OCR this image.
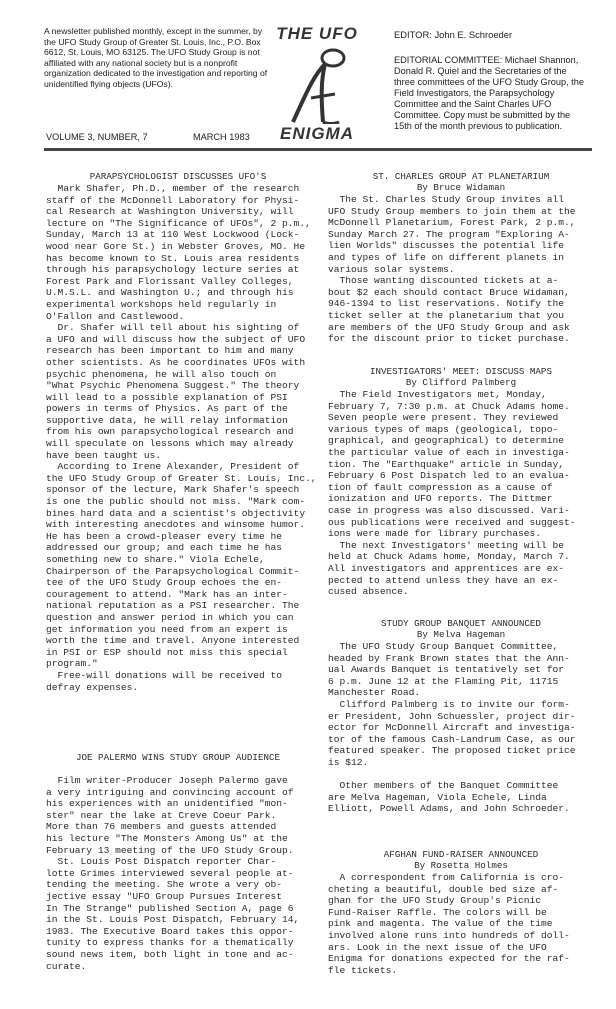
A newsletter published monthly, except in the summer, by the UFO Study Group of Greater St. Louis, Inc., P.O. Box 6612, St. Louis, MO 63125. The UFO Study Group is not affiliated with any national society but is a nonprofit organization dedicated to the investigation and reporting of unidentified flying objects (UFOs).
THE UFO
ENIGMA
EDITOR: John E. Schroeder
EDITORIAL COMMITTEE: Michael Shannon, Donald R. Quiel and the Secretaries of the three committees of the UFO Study Group, the Field Investigators, the Parapsychology Committee and the Saint Charles UFO Committee. Copy must be submitted by the 15th of the month previous to publication.
VOLUME 3, NUMBER, 7	MARCH 1983
PARAPSYCHOLOGIST DISCUSSES UFO'S

Mark Shafer, Ph.D., member of the research

staff of the McDonnell Laboratory for Physi-

cal Research at Washington University, will

lecture on "The Significance of UFOs", 2 p.m.,

Sunday, March 13 at 110 West Lockwood (Lock-

wood near Gore St.) in Webster Groves, MO. He

has become known to St. Louis area residents

through his parapsychology lecture series at

Forest Park and Florissant Valley Colleges,

U.M.S.L. and Washington U.; and through his

experimental workshops held regularly in

O'Fallon and Castlewood.

Dr. Shafer will tell about his sighting of

a UFO and will discuss how the subject of UFO

research has been important to him and many

other scientists. As he coordinates UFOs with

psychic phenomena, he will also touch on

"What Psychic Phenomena Suggest." The theory

will lead to a possible explanation of PSI

powers in terms of Physics. As part of the

supportive data, he will relay information

from his own parapsychological research and

will speculate on lessons which may already

have been taught us.

According to Irene Alexander, President of

the UFO Study Group of Greater St. Louis, Inc.,

sponsor of the lecture, Mark Shafer's speech

is one the public should not miss. "Mark com-

bines hard data and a scientist's objectivity

with interesting anecdotes and winsome humor.

He has been a crowd-pleaser every time he

addressed our group; and each time he has

something new to share." Viola Echele,

Chairperson of the Parapsychological Commit-

tee of the UFO Study Group echoes the en-

couragement to attend. "Mark has an inter-

national reputation as a PSI researcher. The

question and answer period in which you can

get information you need from an expert is

worth the time and travel. Anyone interested

in PSI or ESP should not miss this special

program."

Free-will donations will be received to

defray expenses.

JOE PALERMO WINS STUDY GROUP AUDIENCE

Film writer-Producer Joseph Palermo gave

a very intriguing and convincing account of

his experiences with an unidentified "mon-

ster" near the lake at Creve Coeur Park.

More than 76 members and guests attended

his lecture "The Monsters Among Us" at the

February 13 meeting of the UFO Study Group.

St. Louis Post Dispatch reporter Char-

lotte Grimes interviewed several people at-

tending the meeting. She wrote a very ob-

jective essay "UFO Group Pursues Interest

In The Strange" published Section A, page 6

in the St. Louis Post Dispatch, February 14,

1983. The Executive Board takes this oppor-

tunity to express thanks for a thematically

sound news item, both light in tone and ac-

curate.

ST. CHARLES GROUP AT PLANETARIUM
By Bruce Widaman

The St. Charles Study Group invites all

UFO Study Group members to join them at the

McDonnell Planetarium, Forest Park, 2 p.m.,

Sunday March 27. The program "Exploring A-

lien Worlds" discusses the potential life

and types of life on different planets in

various solar systems.

Those wanting discounted tickets at a-

bout $2 each should contact Bruce Widaman,

946-1394 to list reservations. Notify the

ticket seller at the planetarium that you

are members of the UFO Study Group and ask

for the discount prior to ticket purchase.

INVESTIGATORS' MEET: DISCUSS MAPS
By Clifford Palmberg

The Field Investigators met, Monday,

February 7, 7:30 p.m. at Chuck Adams home.

Seven people were present. They reviewed

various types of maps (geological, topo-

graphical, and geographical) to determine

the particular value of each in investiga-

tion. The "Earthquake" article in Sunday,

February 6 Post Dispatch led to an evalua-

tion of fault compression as a cause of

ionization and UFO reports. The Dittmer

case in progress was also discussed. Vari-

ous publications were received and suggest-

ions were made for library purchases.

The next Investigators' meeting will be

held at Chuck Adams home, Monday, March 7.

All investigators and apprentices are ex-

pected to attend unless they have an ex-

cused absence.

STUDY GROUP BANQUET ANNOUNCED
By Melva Hageman

The UFO Study Group Banquet Committee,

headed by Frank Brown states that the Ann-

ual Awards Banquet is tentatively set for

6 p.m. June 12 at the Flaming Pit, 11715

Manchester Road.

Clifford Palmberg is to invite our form-

er President, John Schuessler, project dir-

ector for McDonnell Aircraft and investiga-

tor of the famous Cash-Landrum Case, as our

featured speaker. The proposed ticket price

is $12.

Other members of the Banquet Committee

are Melva Hageman, Viola Echele, Linda

Elliott, Powell Adams, and John Schroeder.

AFGHAN FUND-RAISER ANNOUNCED
By Rosetta Holmes

A correspondent from California is cro-

cheting a beautiful, double bed size af-

ghan for the UFO Study Group's Picnic

Fund-Raiser Raffle. The colors will be

pink and magenta. The value of the time

involved alone runs into hundreds of doll-

ars. Look in the next issue of the UFO

Enigma for donations expected for the raf-

fle tickets.
